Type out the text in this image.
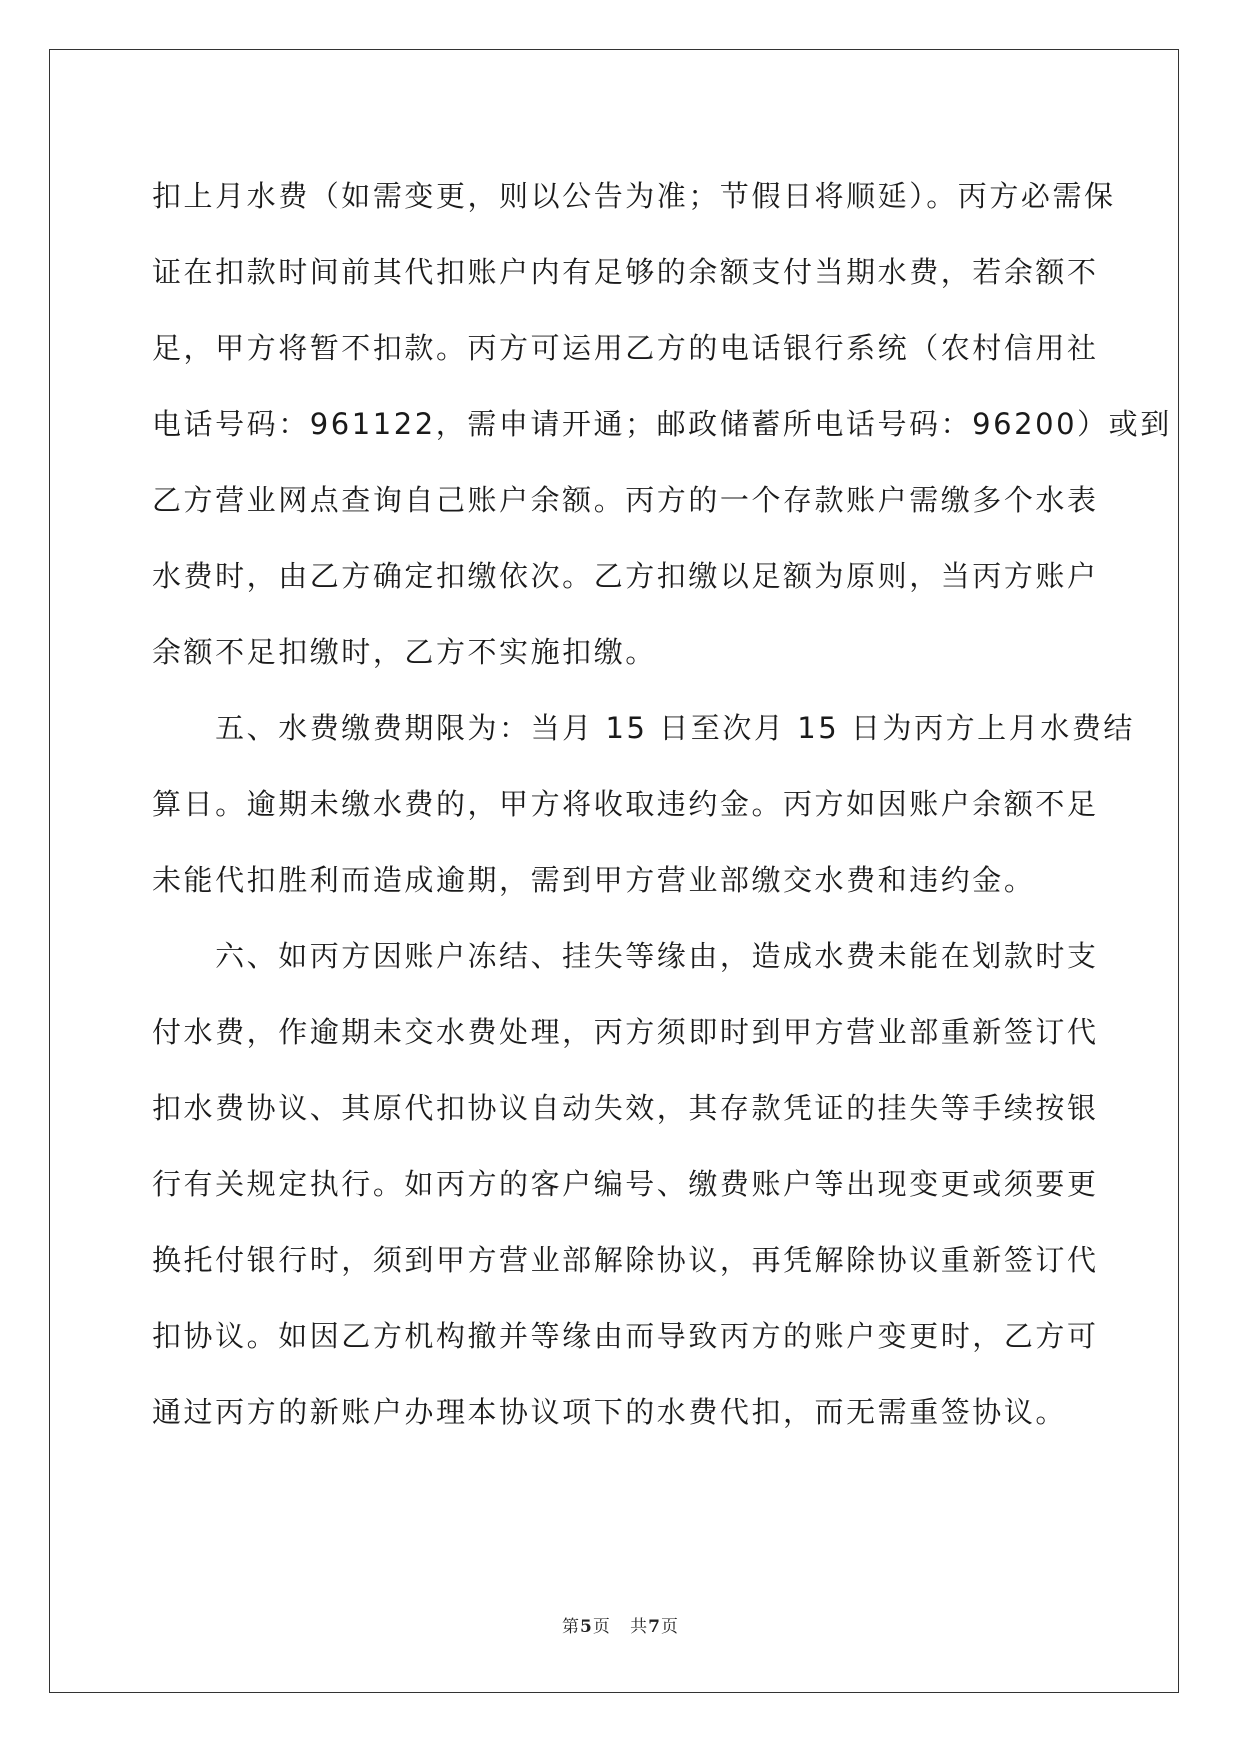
扣上月水费（如需变更，则以公告为准；节假日将顺延）。丙方必需保
证在扣款时间前其代扣账户内有足够的余额支付当期水费，若余额不
足，甲方将暂不扣款。丙方可运用乙方的电话银行系统（农村信用社
电话号码：961122，需申请开通；邮政储蓄所电话号码：96200）或到
乙方营业网点查询自己账户余额。丙方的一个存款账户需缴多个水表
水费时，由乙方确定扣缴依次。乙方扣缴以足额为原则，当丙方账户
余额不足扣缴时，乙方不实施扣缴。
　　五、水费缴费期限为：当月 15 日至次月 15 日为丙方上月水费结
算日。逾期未缴水费的，甲方将收取违约金。丙方如因账户余额不足
未能代扣胜利而造成逾期，需到甲方营业部缴交水费和违约金。
　　六、如丙方因账户冻结、挂失等缘由，造成水费未能在划款时支
付水费，作逾期未交水费处理，丙方须即时到甲方营业部重新签订代
扣水费协议、其原代扣协议自动失效，其存款凭证的挂失等手续按银
行有关规定执行。如丙方的客户编号、缴费账户等出现变更或须要更
换托付银行时，须到甲方营业部解除协议，再凭解除协议重新签订代
扣协议。如因乙方机构撤并等缘由而导致丙方的账户变更时，乙方可
通过丙方的新账户办理本协议项下的水费代扣，而无需重签协议。
第5页 共7页
